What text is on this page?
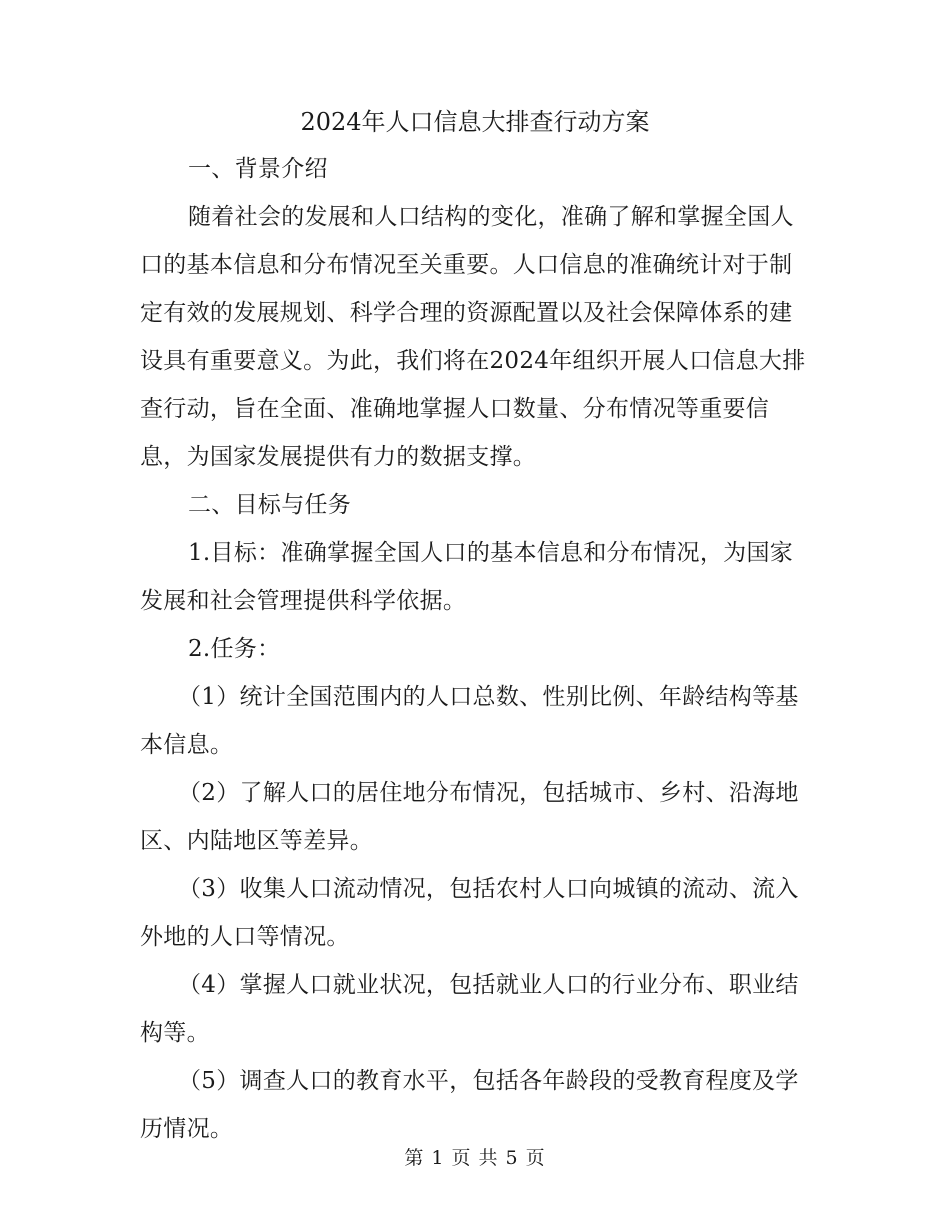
2024年人口信息大排查行动方案
一、背景介绍
随着社会的发展和人口结构的变化，准确了解和掌握全国人
口的基本信息和分布情况至关重要。人口信息的准确统计对于制
定有效的发展规划、科学合理的资源配置以及社会保障体系的建
设具有重要意义。为此，我们将在2024年组织开展人口信息大排
查行动，旨在全面、准确地掌握人口数量、分布情况等重要信
息，为国家发展提供有力的数据支撑。
二、目标与任务
1.目标：准确掌握全国人口的基本信息和分布情况，为国家
发展和社会管理提供科学依据。
2.任务：
（1）统计全国范围内的人口总数、性别比例、年龄结构等基
本信息。
（2）了解人口的居住地分布情况，包括城市、乡村、沿海地
区、内陆地区等差异。
（3）收集人口流动情况，包括农村人口向城镇的流动、流入
外地的人口等情况。
（4）掌握人口就业状况，包括就业人口的行业分布、职业结
构等。
（5）调查人口的教育水平，包括各年龄段的受教育程度及学
历情况。
第 1 页 共 5 页
